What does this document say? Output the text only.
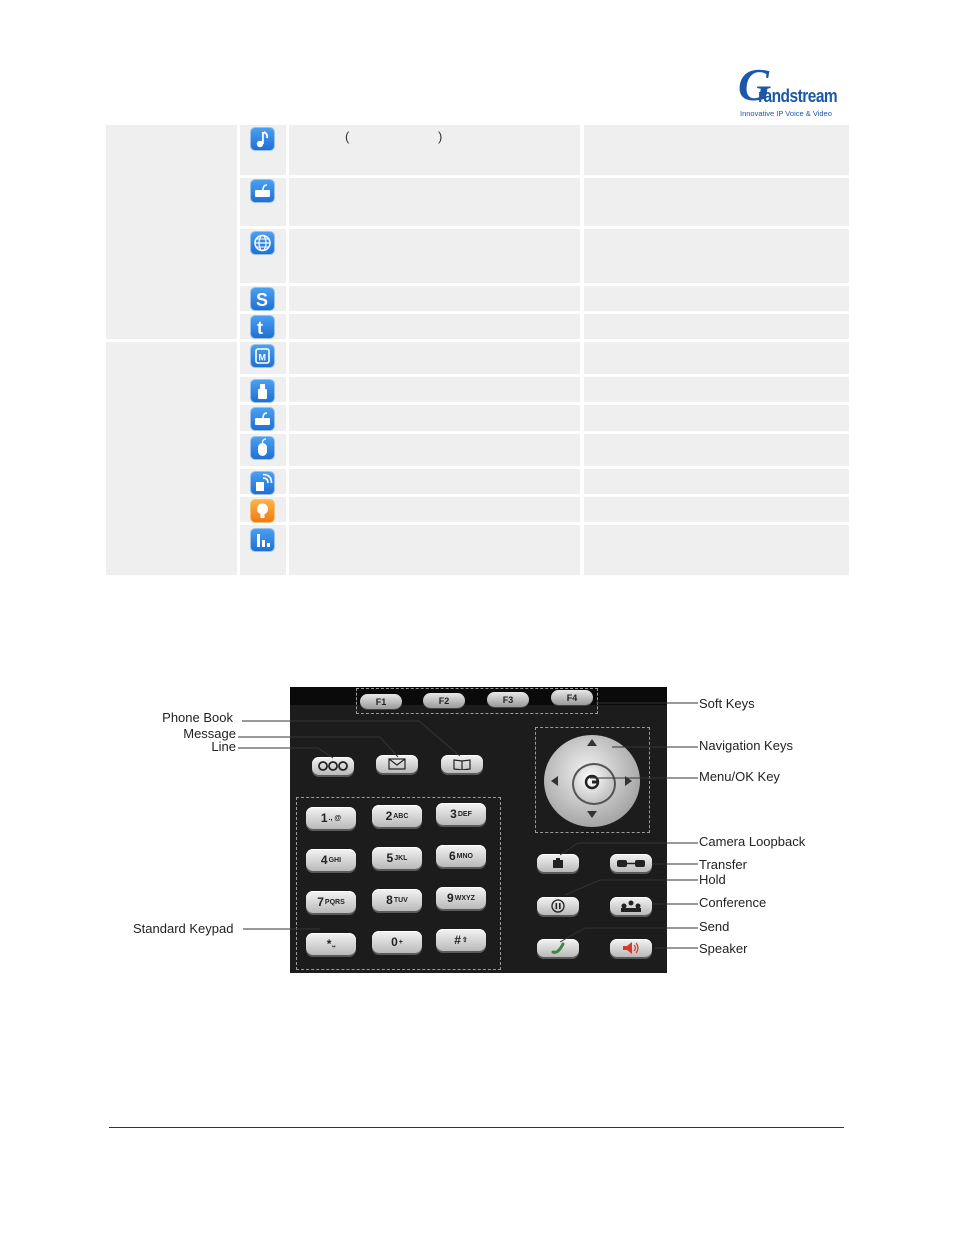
G
randstream
Innovative IP Voice & Video
(	)
S
t
M
F1	F2	F3	F4
1 ., @	2 ABC	3 DEF
4 GHI	5 JKL	6 MNO
7 PQRS	8 TUV	9 WXYZ
* ⎵	0 +	# ⇧
Phone Book
Message
Line
Standard Keypad
Soft Keys
Navigation Keys
Menu/OK Key
Camera Loopback
Transfer
Hold
Conference
Send
Speaker
